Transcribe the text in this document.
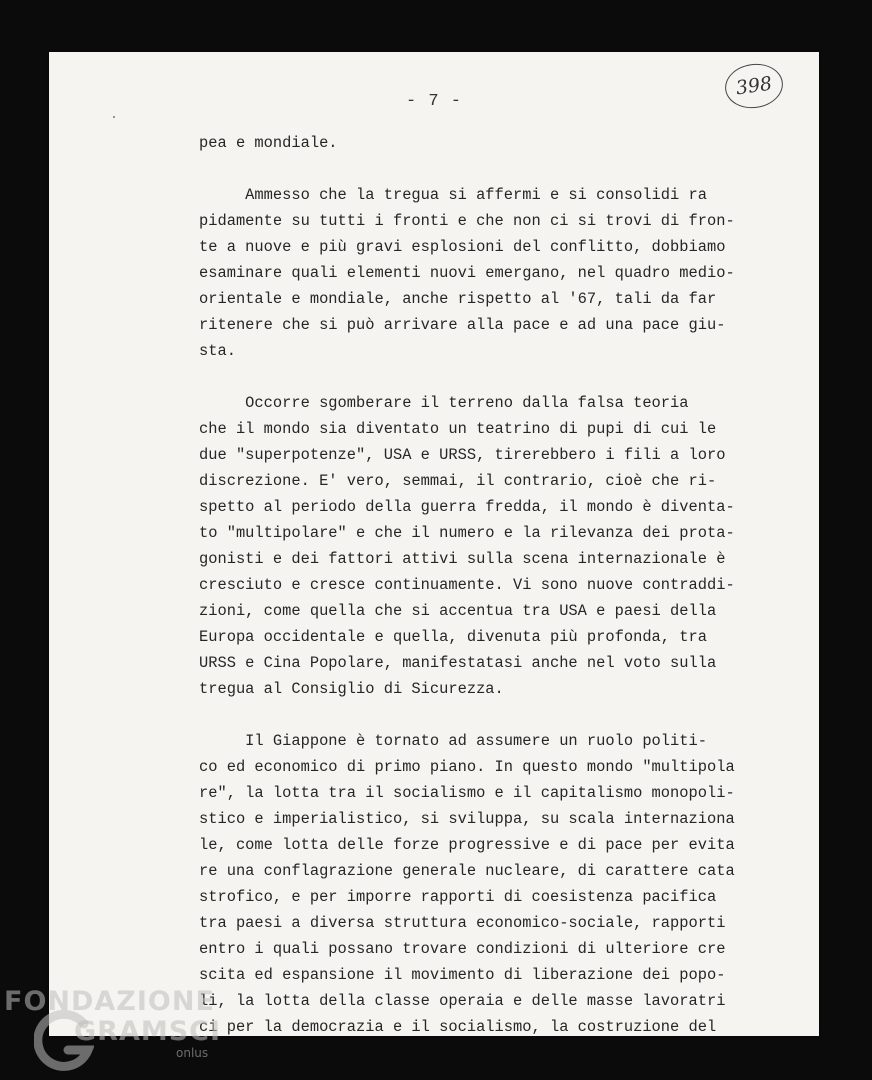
- 7 -
398
pea e mondiale.
Ammesso che la tregua si affermi e si consolidi ra
pidamente su tutti i fronti e che non ci si trovi di fron-
te a nuove e più gravi esplosioni del conflitto, dobbiamo
esaminare quali elementi nuovi emergano, nel quadro medio-
orientale e mondiale, anche rispetto al '67, tali da far
ritenere che si può arrivare alla pace e ad una pace giu-
sta.
Occorre sgomberare il terreno dalla falsa teoria
che il mondo sia diventato un teatrino di pupi di cui le
due "superpotenze", USA e URSS, tirerebbero i fili a loro
discrezione. E' vero, semmai, il contrario, cioè che ri-
spetto al periodo della guerra fredda, il mondo è diventa-
to "multipolare" e che il numero e la rilevanza dei prota-
gonisti e dei fattori attivi sulla scena internazionale è
cresciuto e cresce continuamente. Vi sono nuove contraddi-
zioni, come quella che si accentua tra USA e paesi della
Europa occidentale e quella, divenuta più profonda, tra
URSS e Cina Popolare, manifestatasi anche nel voto sulla
tregua al Consiglio di Sicurezza.
Il Giappone è tornato ad assumere un ruolo politi-
co ed economico di primo piano. In questo mondo "multipola
re", la lotta tra il socialismo e il capitalismo monopoli-
stico e imperialistico, si sviluppa, su scala internaziona
le, come lotta delle forze progressive e di pace per evita
re una conflagrazione generale nucleare, di carattere cata
strofico, e per imporre rapporti di coesistenza pacifica
tra paesi a diversa struttura economico-sociale, rapporti
entro i quali possano trovare condizioni di ulteriore cre
scita ed espansione il movimento di liberazione dei popo-
li, la lotta della classe operaia e delle masse lavoratri
ci per la democrazia e il socialismo, la costruzione del
FONDAZIONE
GRAMSCI
onlus
